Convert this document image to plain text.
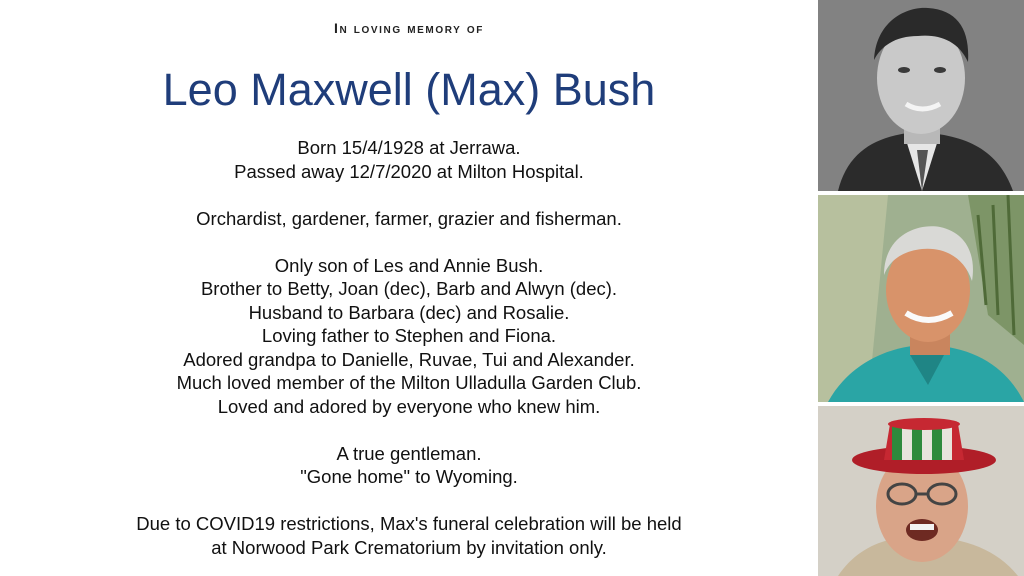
In loving memory of
Leo Maxwell (Max) Bush
Born 15/4/1928 at Jerrawa.
Passed away 12/7/2020 at Milton Hospital.
Orchardist, gardener, farmer, grazier and fisherman.
Only son of Les and Annie Bush.
Brother to Betty, Joan (dec), Barb and Alwyn (dec).
Husband to Barbara (dec) and Rosalie.
Loving father to Stephen and Fiona.
Adored grandpa to Danielle, Ruvae, Tui and Alexander.
Much loved member of the Milton Ulladulla Garden Club.
Loved and adored by everyone who knew him.
A true gentleman.
"Gone home" to Wyoming.
Due to COVID19 restrictions, Max's funeral celebration will be held
at Norwood Park Crematorium by invitation only.
